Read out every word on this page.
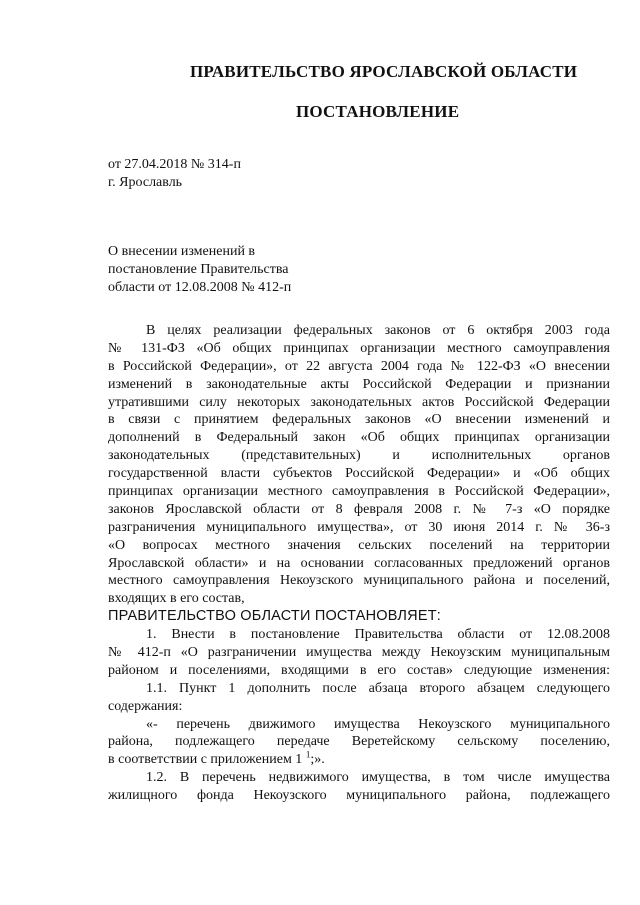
ПРАВИТЕЛЬСТВО ЯРОСЛАВСКОЙ ОБЛАСТИ
ПОСТАНОВЛЕНИЕ
от 27.04.2018 № 314-п
г. Ярославль
О внесении изменений в
постановление Правительства
области от 12.08.2008 № 412-п
В целях реализации федеральных законов от 6 октября 2003 года
№ 131-ФЗ «Об общих принципах организации местного самоуправления
в Российской Федерации», от 22 августа 2004 года № 122-ФЗ «О внесении
изменений в законодательные акты Российской Федерации и признании
утратившими силу некоторых законодательных актов Российской Федерации
в связи с принятием федеральных законов «О внесении изменений и
дополнений в Федеральный закон «Об общих принципах организации
законодательных (представительных) и исполнительных органов
государственной власти субъектов Российской Федерации» и «Об общих
принципах организации местного самоуправления в Российской Федерации»,
законов Ярославской области от 8 февраля 2008 г. № 7-з «О порядке
разграничения муниципального имущества», от 30 июня 2014 г. № 36-з
«О вопросах местного значения сельских поселений на территории
Ярославской области» и на основании согласованных предложений органов
местного самоуправления Некоузского муниципального района и поселений,
входящих в его состав,
ПРАВИТЕЛЬСТВО ОБЛАСТИ ПОСТАНОВЛЯЕТ:
1. Внести в постановление Правительства области от 12.08.2008
№ 412-п «О разграничении имущества между Некоузским муниципальным
районом и поселениями, входящими в его состав» следующие изменения:
1.1. Пункт 1 дополнить после абзаца второго абзацем следующего
содержания:
«- перечень движимого имущества Некоузского муниципального
района, подлежащего передаче Веретейскому сельскому поселению,
в соответствии с приложением 1 $^1$;».
1.2. В перечень недвижимого имущества, в том числе имущества
жилищного фонда Некоузского муниципального района, подлежащего
